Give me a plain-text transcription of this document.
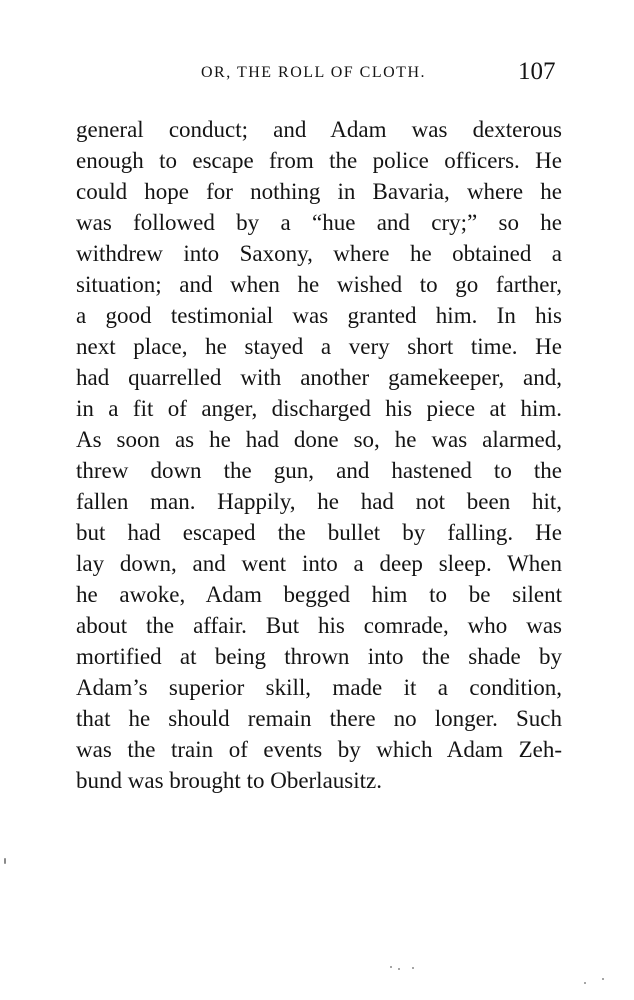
OR, THE ROLL OF CLOTH.	107
general conduct; and Adam was dexterous
enough to escape from the police officers. He
could hope for nothing in Bavaria, where he
was followed by a “hue and cry;” so he
withdrew into Saxony, where he obtained a
situation; and when he wished to go farther,
a good testimonial was granted him. In his
next place, he stayed a very short time. He
had quarrelled with another gamekeeper, and,
in a fit of anger, discharged his piece at him.
As soon as he had done so, he was alarmed,
threw down the gun, and hastened to the
fallen man. Happily, he had not been hit,
but had escaped the bullet by falling. He
lay down, and went into a deep sleep. When
he awoke, Adam begged him to be silent
about the affair. But his comrade, who was
mortified at being thrown into the shade by
Adam’s superior skill, made it a condition,
that he should remain there no longer. Such
was the train of events by which Adam Zeh-
bund was brought to Oberlausitz.
